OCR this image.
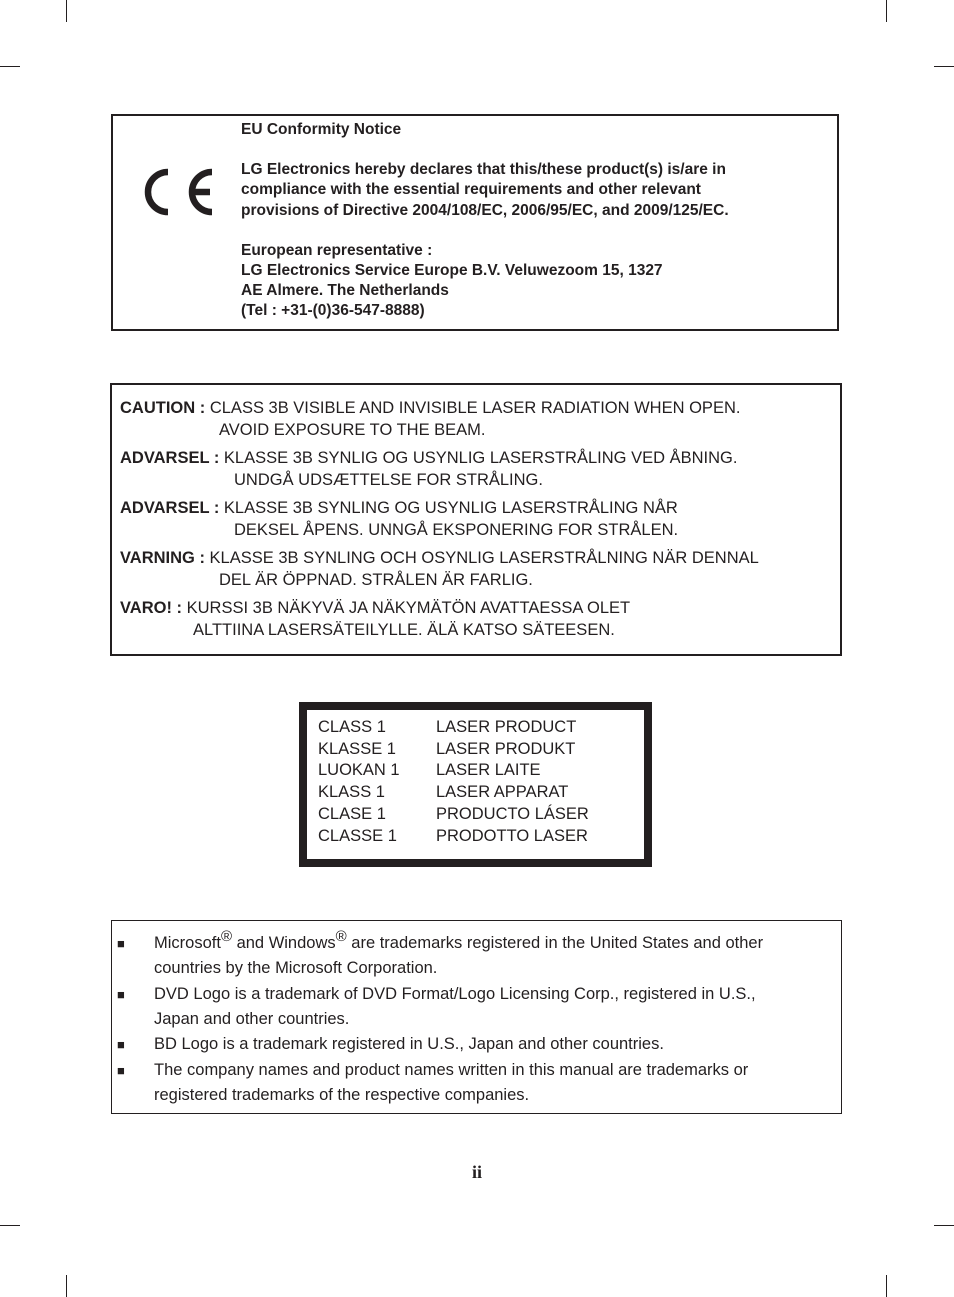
EU Conformity Notice
LG Electronics hereby declares that this/these product(s) is/are in
compliance with the essential requirements and other relevant
provisions of Directive 2004/108/EC, 2006/95/EC, and 2009/125/EC.
European representative :
LG Electronics Service Europe B.V. Veluwezoom 15, 1327
AE Almere. The Netherlands
(Tel : +31-(0)36-547-8888)
CAUTION : CLASS 3B VISIBLE AND INVISIBLE LASER RADIATION WHEN OPEN.
AVOID EXPOSURE TO THE BEAM.
ADVARSEL : KLASSE 3B SYNLIG OG USYNLIG LASERSTRÅLING VED ÅBNING.
UNDGÅ UDSÆTTELSE FOR STRÅLING.
ADVARSEL : KLASSE 3B SYNLING OG USYNLIG LASERSTRÅLING NÅR
DEKSEL ÅPENS. UNNGÅ EKSPONERING FOR STRÅLEN.
VARNING : KLASSE 3B SYNLING OCH OSYNLIG LASERSTRÅLNING NÄR DENNAL
DEL ÄR ÖPPNAD. STRÅLEN ÄR FARLIG.
VARO! : KURSSI 3B NÄKYVÄ JA NÄKYMÄTÖN AVATTAESSA OLET
ALTTIINA LASERSÄTEILYLLE. ÄLÄ KATSO SÄTEESEN.
CLASS 1	LASER PRODUCT
KLASSE 1	LASER PRODUKT
LUOKAN 1	LASER LAITE
KLASS 1	LASER APPARAT
CLASE 1	PRODUCTO LÁSER
CLASSE 1	PRODOTTO LASER
■ Microsoft® and Windows® are trademarks registered in the United States and other
countries by the Microsoft Corporation.
■ DVD Logo is a trademark of DVD Format/Logo Licensing Corp., registered in U.S.,
Japan and other countries.
■ BD Logo is a trademark registered in U.S., Japan and other countries.
■ The company names and product names written in this manual are trademarks or
registered trademarks of the respective companies.
ii
